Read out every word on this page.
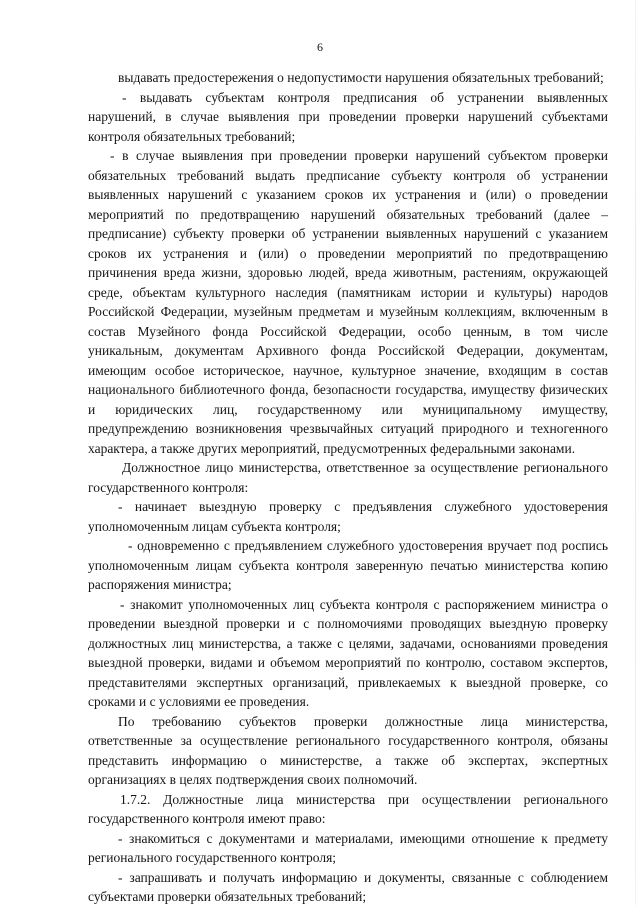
6

выдавать предостережения о недопустимости нарушения обязательных требований;

- выдавать субъектам контроля предписания об устранении выявленных нарушений, в случае выявления при проведении проверки нарушений субъектами контроля обязательных требований;

- в случае выявления при проведении проверки нарушений субъектом проверки обязательных требований выдать предписание субъекту контроля об устранении выявленных нарушений с указанием сроков их устранения и (или) о проведении мероприятий по предотвращению нарушений обязательных требований (далее – предписание) субъекту проверки об устранении выявленных нарушений с указанием сроков их устранения и (или) о проведении мероприятий по предотвращению причинения вреда жизни, здоровью людей, вреда животным, растениям, окружающей среде, объектам культурного наследия (памятникам истории и культуры) народов Российской Федерации, музейным предметам и музейным коллекциям, включенным в состав Музейного фонда Российской Федерации, особо ценным, в том числе уникальным, документам Архивного фонда Российской Федерации, документам, имеющим особое историческое, научное, культурное значение, входящим в состав национального библиотечного фонда, безопасности государства, имуществу физических и юридических лиц, государственному или муниципальному имуществу, предупреждению возникновения чрезвычайных ситуаций природного и техногенного характера, а также других мероприятий, предусмотренных федеральными законами.

Должностное лицо министерства, ответственное за осуществление регионального государственного контроля:

- начинает выездную проверку с предъявления служебного удостоверения уполномоченным лицам субъекта контроля;

- одновременно с предъявлением служебного удостоверения вручает под роспись уполномоченным лицам субъекта контроля заверенную печатью министерства копию распоряжения министра;

- знакомит уполномоченных лиц субъекта контроля с распоряжением министра о проведении выездной проверки и с полномочиями проводящих выездную проверку должностных лиц министерства, а также с целями, задачами, основаниями проведения выездной проверки, видами и объемом мероприятий по контролю, составом экспертов, представителями экспертных организаций, привлекаемых к выездной проверке, со сроками и с условиями ее проведения.

По требованию субъектов проверки должностные лица министерства, ответственные за осуществление регионального государственного контроля, обязаны представить информацию о министерстве, а также об экспертах, экспертных организациях в целях подтверждения своих полномочий.

1.7.2. Должностные лица министерства при осуществлении регионального государственного контроля имеют право:

- знакомиться с документами и материалами, имеющими отношение к предмету регионального государственного контроля;

- запрашивать и получать информацию и документы, связанные с соблюдением субъектами проверки обязательных требований;
